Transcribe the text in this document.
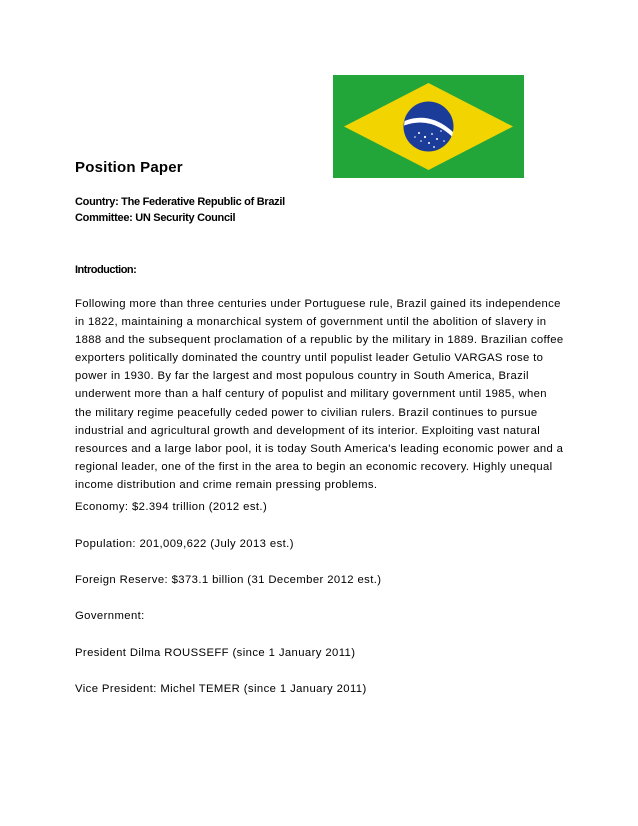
Position Paper
Country: The Federative Republic of Brazil
Committee: UN Security Council
Introduction:

Following more than three centuries under Portuguese rule, Brazil gained its independence in 1822, maintaining a monarchical system of government until the abolition of slavery in 1888 and the subsequent proclamation of a republic by the military in 1889. Brazilian coffee exporters politically dominated the country until populist leader Getulio VARGAS rose to power in 1930. By far the largest and most populous country in South America, Brazil underwent more than a half century of populist and military government until 1985, when the military regime peacefully ceded power to civilian rulers. Brazil continues to pursue industrial and agricultural growth and development of its interior. Exploiting vast natural resources and a large labor pool, it is today South America's leading economic power and a regional leader, one of the first in the area to begin an economic recovery. Highly unequal income distribution and crime remain pressing problems.

Economy: $2.394 trillion (2012 est.)

Population: 201,009,622 (July 2013 est.)

Foreign Reserve: $373.1 billion (31 December 2012 est.)

Government:

President Dilma ROUSSEFF (since 1 January 2011)

Vice President: Michel TEMER (since 1 January 2011)
